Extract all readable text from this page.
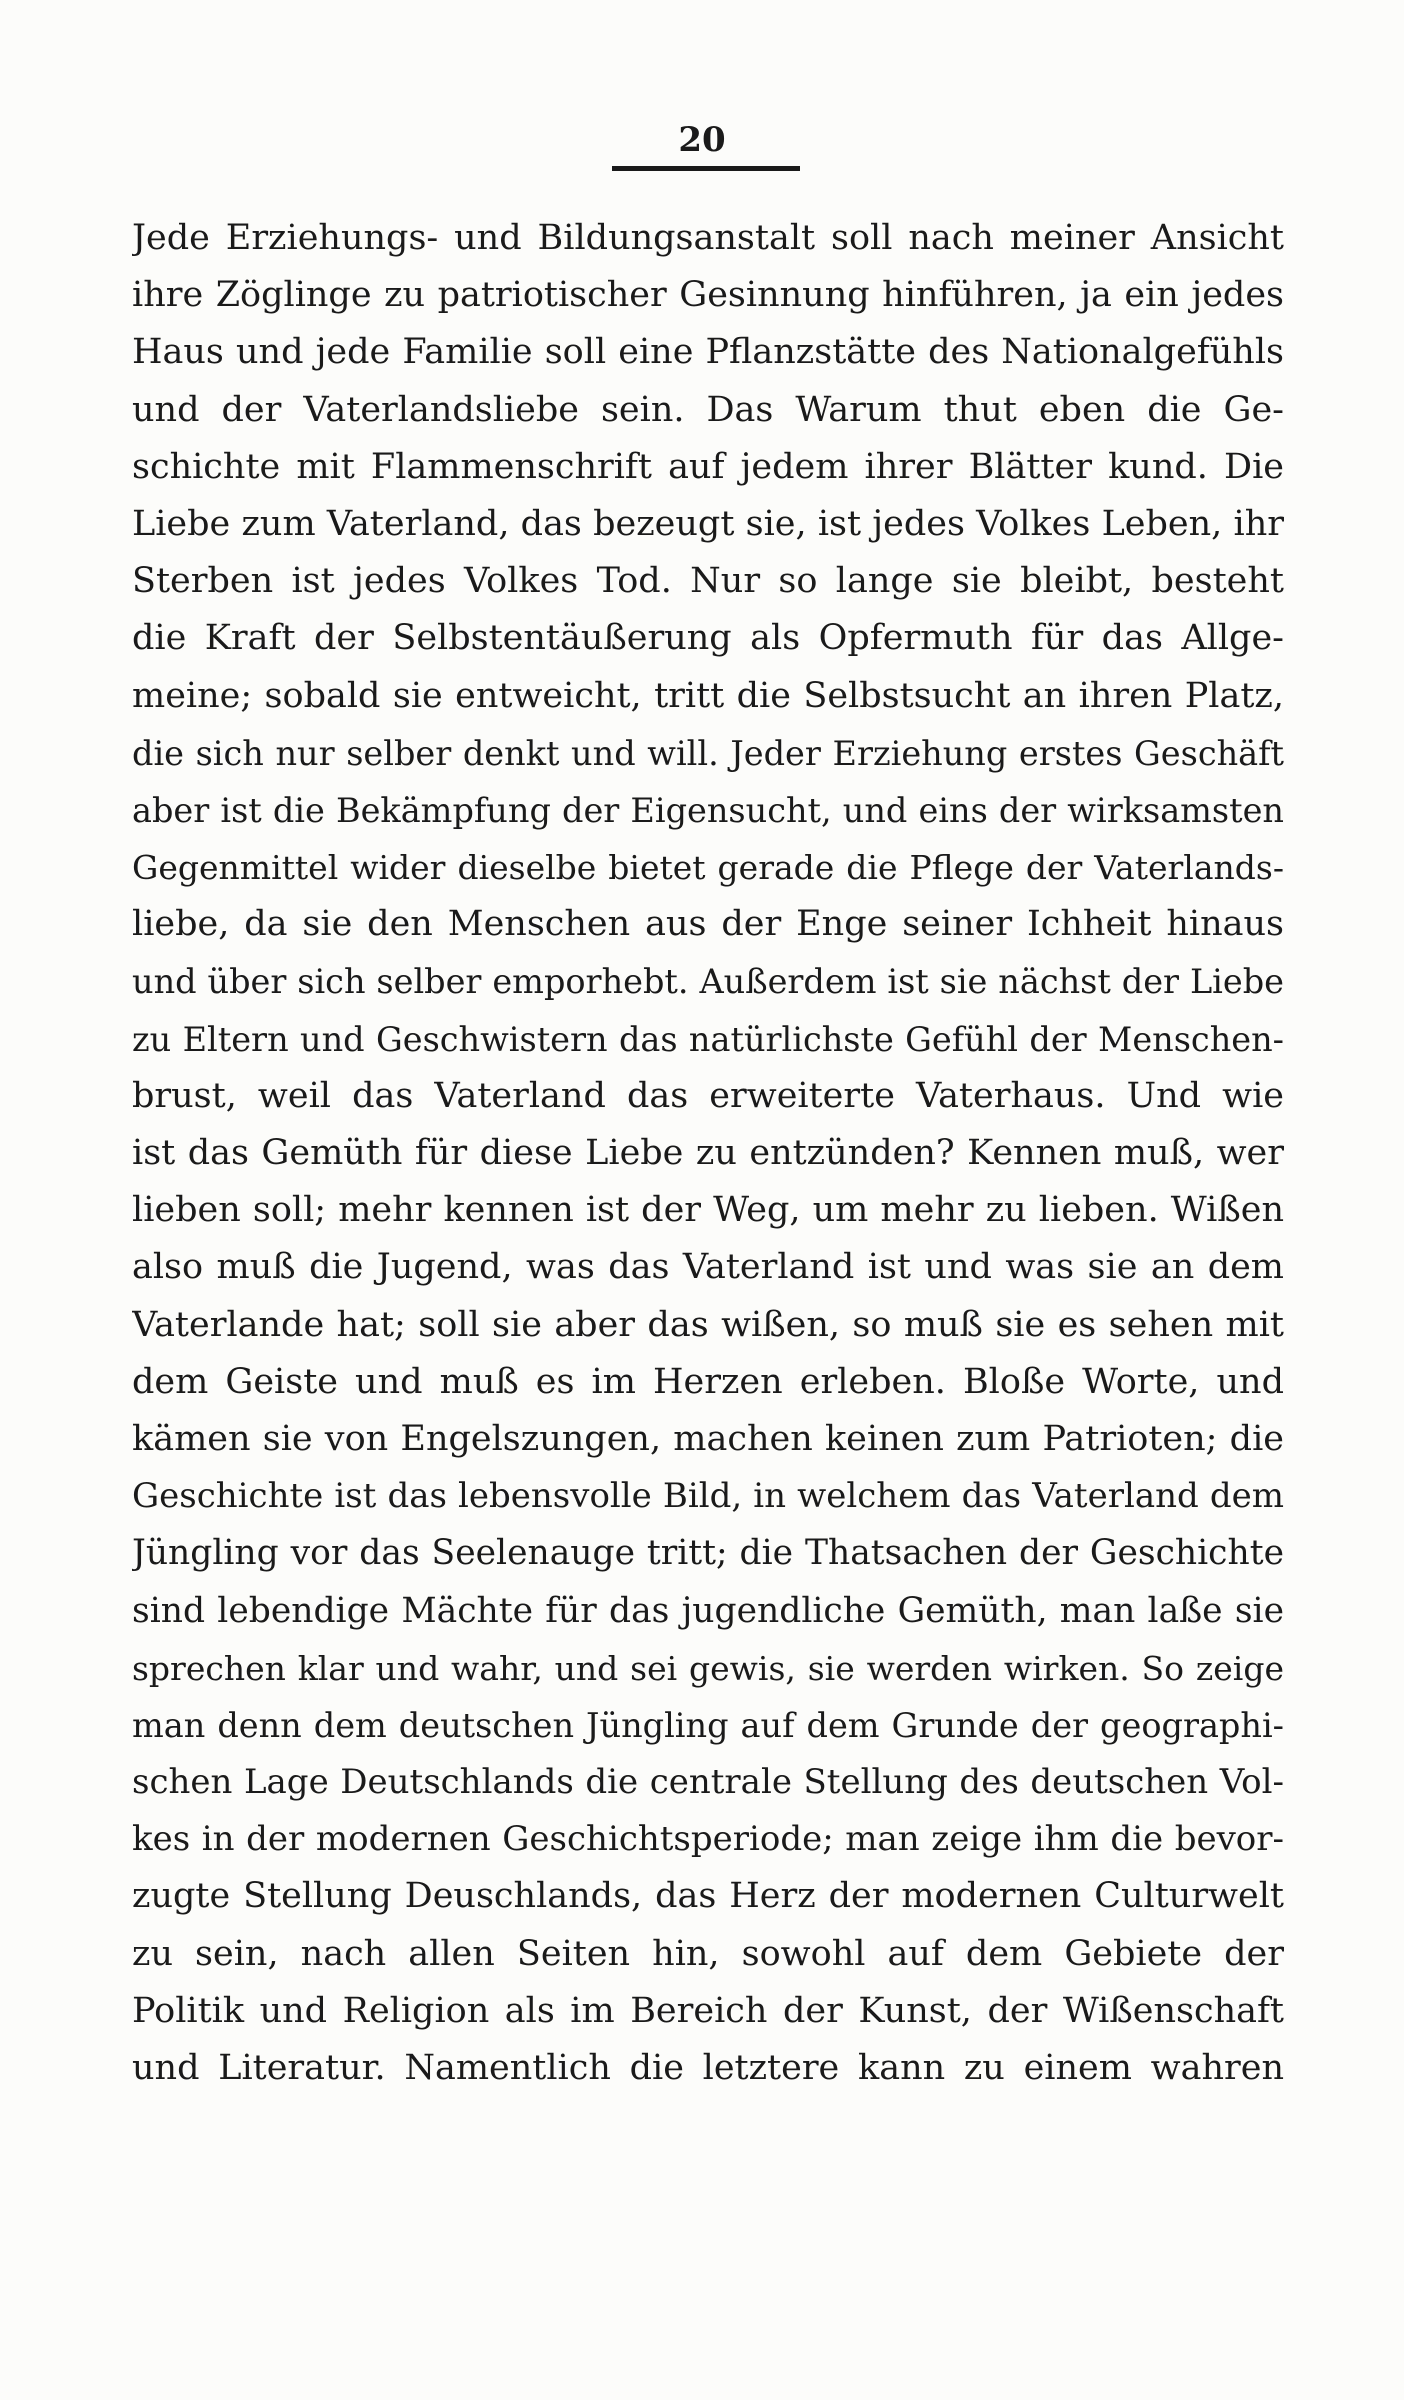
20
Jede Erziehungs- und Bildungsanstalt soll nach meiner Ansicht
ihre Zöglinge zu patriotischer Gesinnung hinführen, ja ein jedes
Haus und jede Familie soll eine Pflanzstätte des Nationalgefühls
und der Vaterlandsliebe sein. Das Warum thut eben die Ge-
schichte mit Flammenschrift auf jedem ihrer Blätter kund. Die
Liebe zum Vaterland, das bezeugt sie, ist jedes Volkes Leben, ihr
Sterben ist jedes Volkes Tod. Nur so lange sie bleibt, besteht
die Kraft der Selbstentäußerung als Opfermuth für das Allge-
meine; sobald sie entweicht, tritt die Selbstsucht an ihren Platz,
die sich nur selber denkt und will. Jeder Erziehung erstes Geschäft
aber ist die Bekämpfung der Eigensucht, und eins der wirksamsten
Gegenmittel wider dieselbe bietet gerade die Pflege der Vaterlands-
liebe, da sie den Menschen aus der Enge seiner Ichheit hinaus
und über sich selber emporhebt. Außerdem ist sie nächst der Liebe
zu Eltern und Geschwistern das natürlichste Gefühl der Menschen-
brust, weil das Vaterland das erweiterte Vaterhaus. Und wie
ist das Gemüth für diese Liebe zu entzünden? Kennen muß, wer
lieben soll; mehr kennen ist der Weg, um mehr zu lieben. Wißen
also muß die Jugend, was das Vaterland ist und was sie an dem
Vaterlande hat; soll sie aber das wißen, so muß sie es sehen mit
dem Geiste und muß es im Herzen erleben. Bloße Worte, und
kämen sie von Engelszungen, machen keinen zum Patrioten; die
Geschichte ist das lebensvolle Bild, in welchem das Vaterland dem
Jüngling vor das Seelenauge tritt; die Thatsachen der Geschichte
sind lebendige Mächte für das jugendliche Gemüth, man laße sie
sprechen klar und wahr, und sei gewis, sie werden wirken. So zeige
man denn dem deutschen Jüngling auf dem Grunde der geographi-
schen Lage Deutschlands die centrale Stellung des deutschen Vol-
kes in der modernen Geschichtsperiode; man zeige ihm die bevor-
zugte Stellung Deuschlands, das Herz der modernen Culturwelt
zu sein, nach allen Seiten hin, sowohl auf dem Gebiete der
Politik und Religion als im Bereich der Kunst, der Wißenschaft
und Literatur. Namentlich die letztere kann zu einem wahren
